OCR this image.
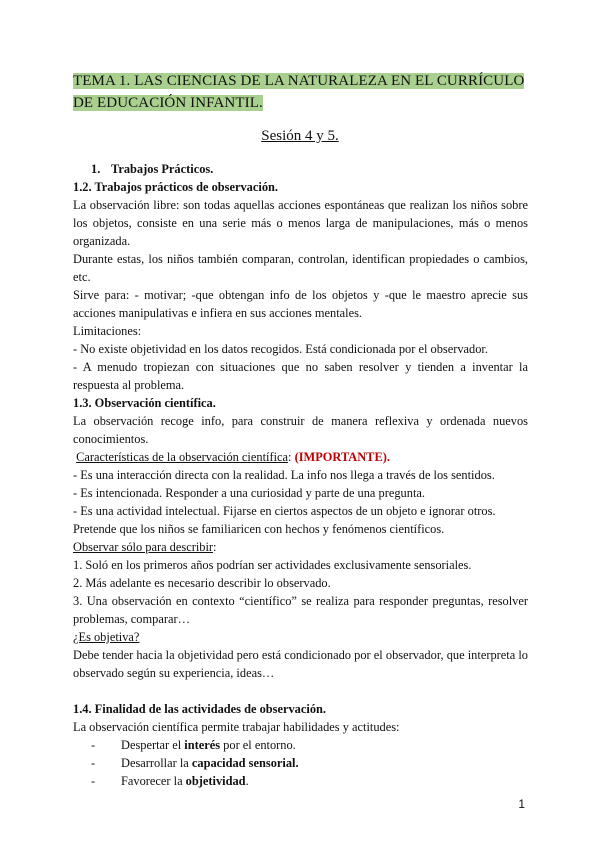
TEMA 1. LAS CIENCIAS DE LA NATURALEZA EN EL CURRÍCULO
DE EDUCACIÓN INFANTIL.
Sesión 4 y 5.

1. Trabajos Prácticos.

1.2. Trabajos prácticos de observación.

La observación libre: son todas aquellas acciones espontáneas que realizan los niños sobre los objetos, consiste en una serie más o menos larga de manipulaciones, más o menos organizada.

Durante estas, los niños también comparan, controlan, identifican propiedades o cambios, etc.

Sirve para: - motivar; -que obtengan info de los objetos y -que le maestro aprecie sus acciones manipulativas e infiera en sus acciones mentales.

Limitaciones:

- No existe objetividad en los datos recogidos. Está condicionada por el observador.

- A menudo tropiezan con situaciones que no saben resolver y tienden a inventar la respuesta al problema.

1.3. Observación científica.

La observación recoge info, para construir de manera reflexiva y ordenada nuevos conocimientos.

Características de la observación científica: (IMPORTANTE).

- Es una interacción directa con la realidad. La info nos llega a través de los sentidos.

- Es intencionada. Responder a una curiosidad y parte de una pregunta.

- Es una actividad intelectual. Fijarse en ciertos aspectos de un objeto e ignorar otros.

Pretende que los niños se familiaricen con hechos y fenómenos científicos.

Observar sólo para describir:

1. Soló en los primeros años podrían ser actividades exclusivamente sensoriales.

2. Más adelante es necesario describir lo observado.

3. Una observación en contexto “científico” se realiza para responder preguntas, resolver problemas, comparar…

¿Es objetiva?

Debe tender hacia la objetividad pero está condicionado por el observador, que interpreta lo observado según su experiencia, ideas…

1.4. Finalidad de las actividades de observación.

La observación científica permite trabajar habilidades y actitudes:

- Despertar el interés por el entorno.

- Desarrollar la capacidad sensorial.

- Favorecer la objetividad.

1
